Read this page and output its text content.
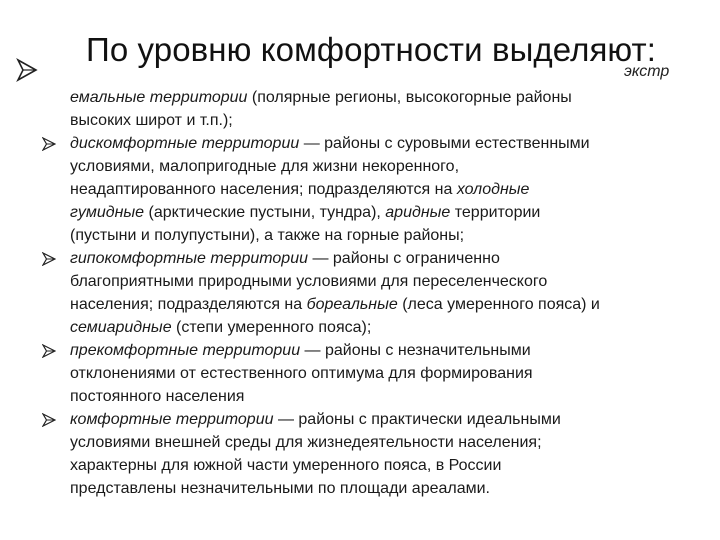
По уровню комфортности выделяют:
экстр
емальные территории (полярные регионы, высокогорные районы
высоких широт и т.п.);
дискомфортные территории — районы с суровыми естественными
условиями, малопригодные для жизни некоренного,
неадаптированного населения; подразделяются на холодные
гумидные (арктические пустыни, тундра), аридные территории
(пустыни и полупустыни), а также на горные районы;
гипокомфортные территории — районы с ограниченно
благоприятными природными условиями для переселенческого
населения; подразделяются на бореальные (леса умеренного пояса) и
семиаридные (степи умеренного пояса);
прекомфортные территории — районы с незначительными
отклонениями от естественного оптимума для формирования
постоянного населения
комфортные территории — районы с практически идеальными
условиями внешней среды для жизнедеятельности населения;
характерны для южной части умеренного пояса, в России
представлены незначительными по площади ареалами.
